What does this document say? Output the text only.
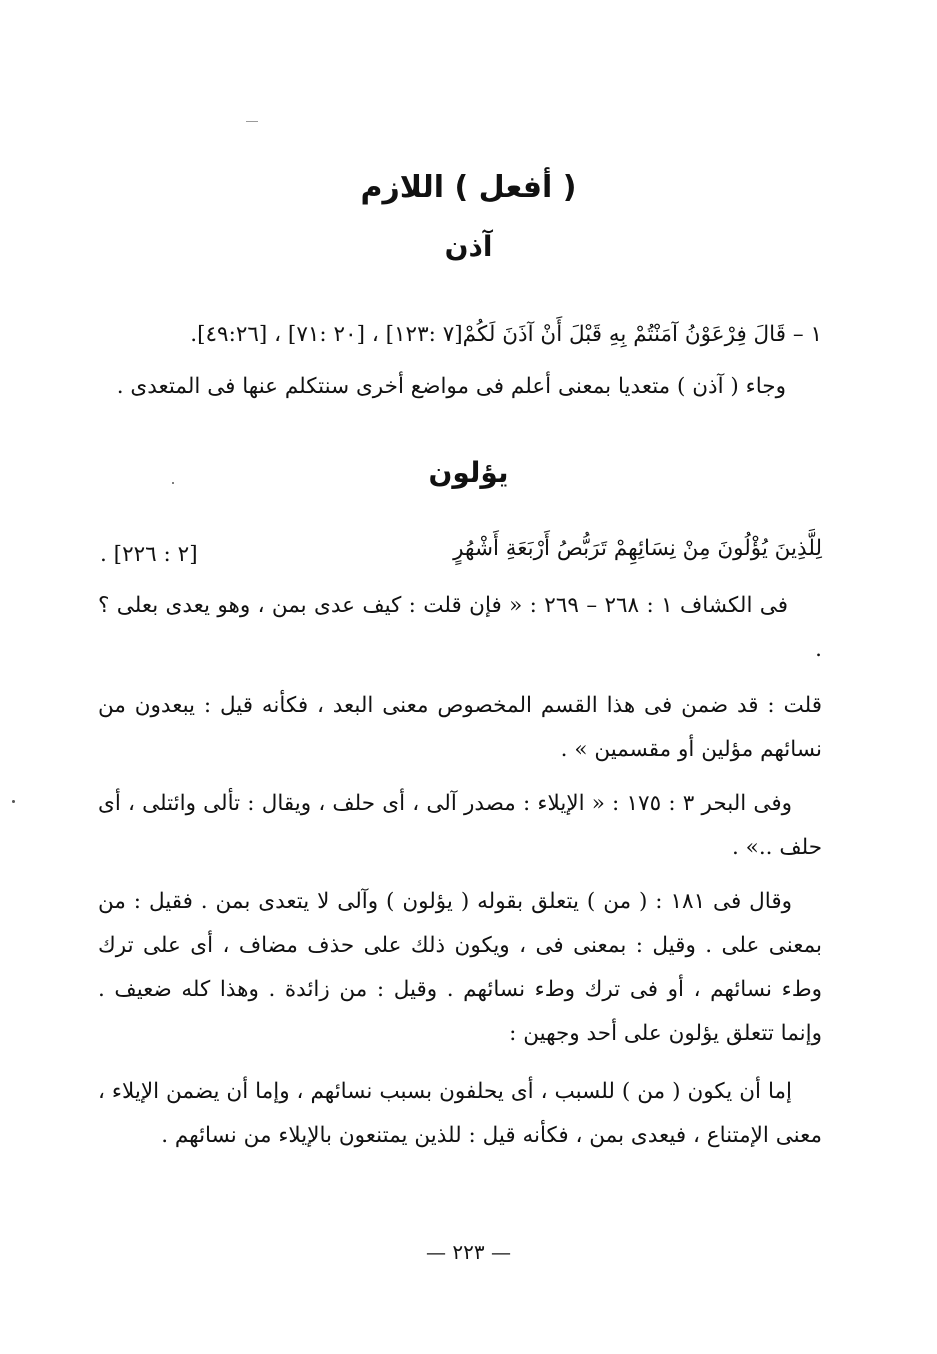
( أفعل ) اللازم
آذن
١ – قَالَ فِرْعَوْنُ آمَنْتُمْ بِهِ قَبْلَ أَنْ آذَنَ لَكُمْ[٧ :١٢٣] ، [٢٠ :٧١] ، [٤٩:٢٦].
وجاء ( آذن ) متعديا بمعنى أعلم فى مواضع أخرى سنتكلم عنها فى المتعدى .
يؤلون
لِلَّذِينَ يُؤْلُونَ مِنْ نِسَائِهِمْ تَرَبُّصُ أَرْبَعَةِ أَشْهُرٍ
[٢ : ٢٢٦] .
فى الكشاف ١ : ٢٦٨ – ٢٦٩ : « فإن قلت : كيف عدى بمن ، وهو يعدى بعلى ؟ .
قلت : قد ضمن فى هذا القسم المخصوص معنى البعد ، فكأنه قيل : يبعدون من نسائهم مؤلين أو مقسمين » .
وفى البحر ٣ : ١٧٥ : « الإيلاء : مصدر آلى ، أى حلف ، ويقال : تألى وائتلى ، أى حلف ..» .
وقال فى ١٨١ : ( من ) يتعلق بقوله ( يؤلون ) وآلى لا يتعدى بمن . فقيل : من بمعنى على . وقيل : بمعنى فى ، ويكون ذلك على حذف مضاف ، أى على ترك وطء نسائهم ، أو فى ترك وطء نسائهم . وقيل : من زائدة . وهذا كله ضعيف . وإنما تتعلق يؤلون على أحد وجهين :
إما أن يكون ( من ) للسبب ، أى يحلفون بسبب نسائهم ، وإما أن يضمن الإيلاء ، معنى الإمتناع ، فيعدى بمن ، فكأنه قيل : للذين يمتنعون بالإيلاء من نسائهم .
— ٢٢٣ —
